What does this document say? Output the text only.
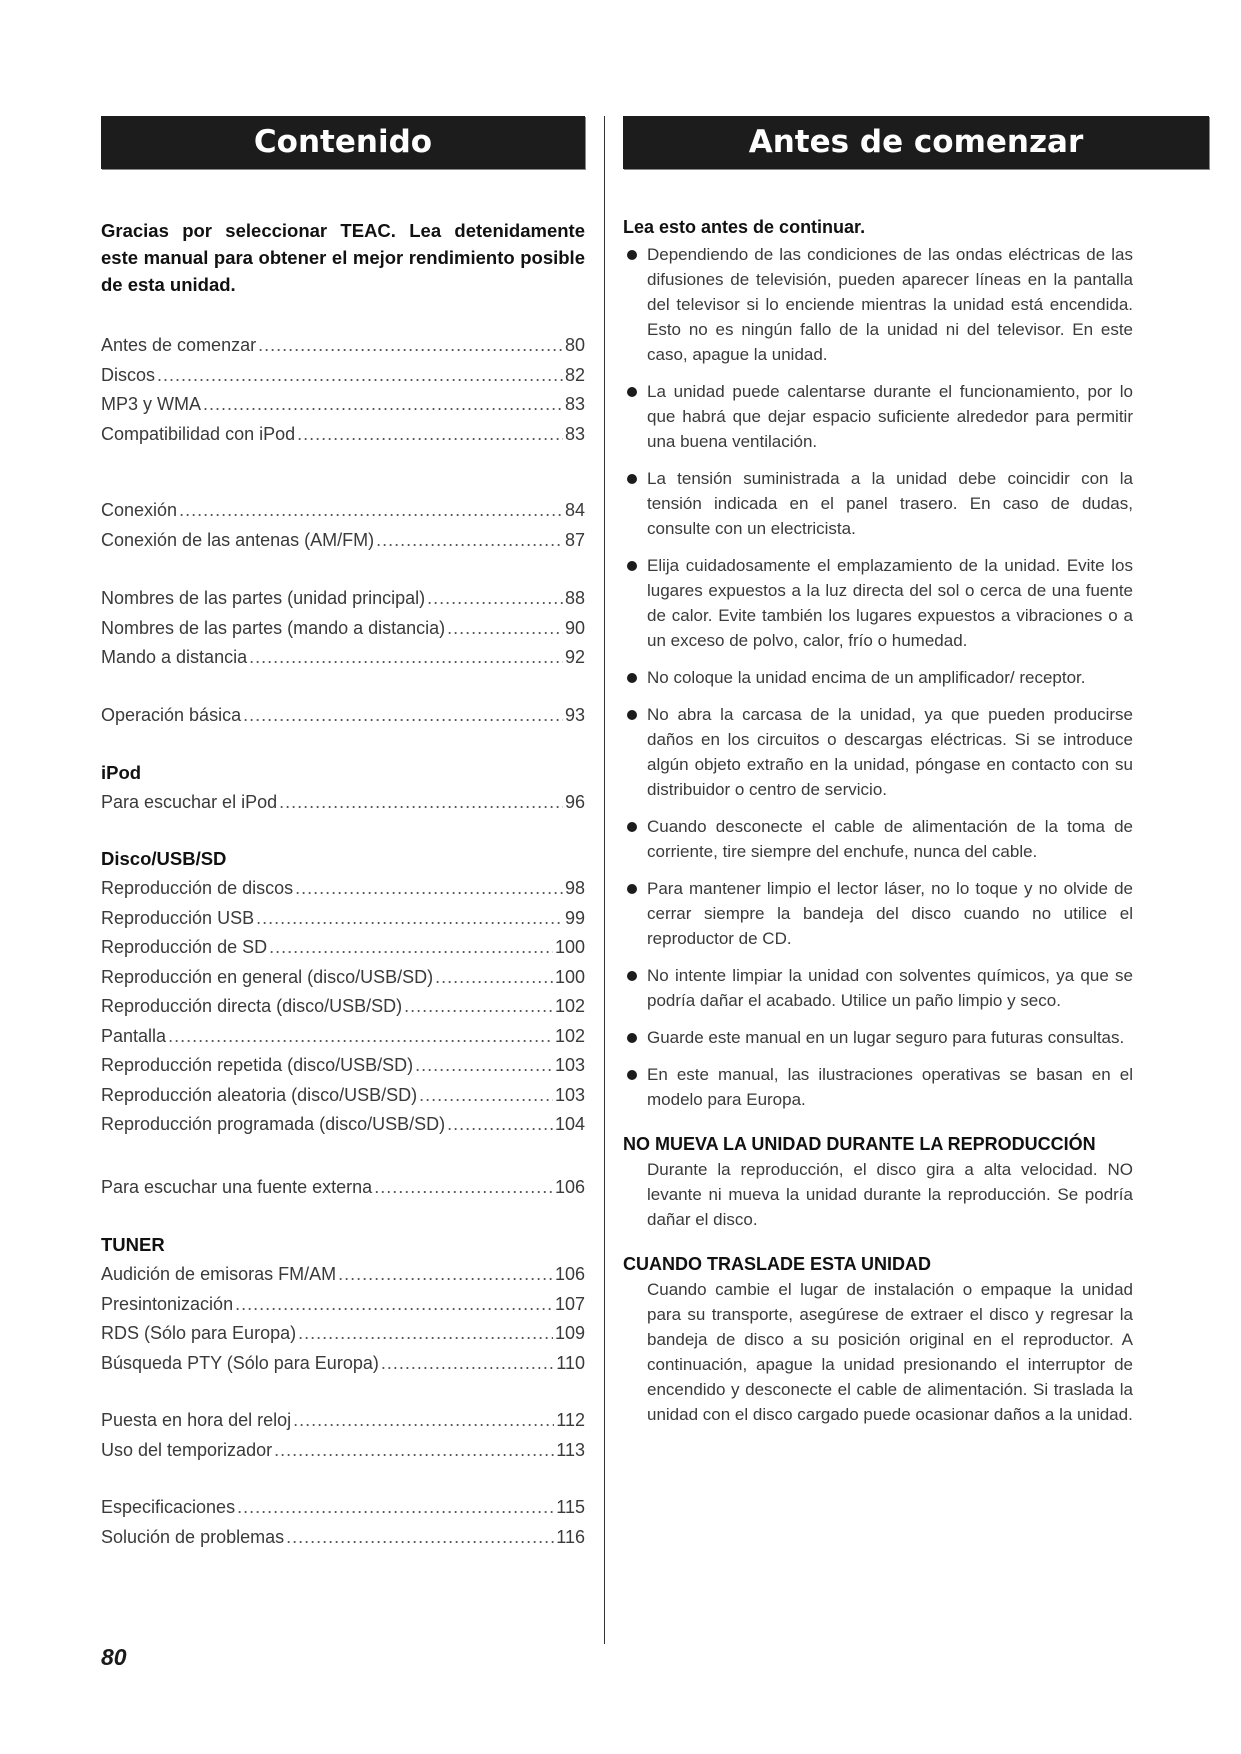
Contenido
Gracias por seleccionar TEAC. Lea detenidamente este manual para obtener el mejor rendimiento posible de esta unidad.
Antes de comenzar .....	80
Discos .....	82
MP3 y WMA .....	83
Compatibilidad con iPod .....	83
Conexión .....	84
Conexión de las antenas (AM/FM) .....	87
Nombres de las partes (unidad principal) .....	88
Nombres de las partes (mando a distancia) .....	90
Mando a distancia .....	92
Operación básica .....	93
iPod
Para escuchar el iPod .....	96
Disco/USB/SD
Reproducción de discos .....	98
Reproducción USB .....	99
Reproducción de SD .....	100
Reproducción en general (disco/USB/SD) .....	100
Reproducción directa (disco/USB/SD) .....	102
Pantalla .....	102
Reproducción repetida (disco/USB/SD) .....	103
Reproducción aleatoria (disco/USB/SD) .....	103
Reproducción programada (disco/USB/SD) .....	104
Para escuchar una fuente externa .....	106
TUNER
Audición de emisoras FM/AM .....	106
Presintonización .....	107
RDS (Sólo para Europa) .....	109
Búsqueda PTY (Sólo para Europa) .....	110
Puesta en hora del reloj .....	112
Uso del temporizador .....	113
Especificaciones .....	115
Solución de problemas .....	116
Antes de comenzar
Lea esto antes de continuar.
Dependiendo de las condiciones de las ondas eléctricas de las difusiones de televisión, pueden aparecer líneas en la pantalla del televisor si lo enciende mientras la unidad está encendida. Esto no es ningún fallo de la unidad ni del televisor. En este caso, apague la unidad.
La unidad puede calentarse durante el funcionamiento, por lo que habrá que dejar espacio suficiente alrededor para permitir una buena ventilación.
La tensión suministrada a la unidad debe coincidir con la tensión indicada en el panel trasero. En caso de dudas, consulte con un electricista.
Elija cuidadosamente el emplazamiento de la unidad. Evite los lugares expuestos a la luz directa del sol o cerca de una fuente de calor. Evite también los lugares expuestos a vibraciones o a un exceso de polvo, calor, frío o humedad.
No coloque la unidad encima de un amplificador/ receptor.
No abra la carcasa de la unidad, ya que pueden producirse daños en los circuitos o descargas eléctricas. Si se introduce algún objeto extraño en la unidad, póngase en contacto con su distribuidor o centro de servicio.
Cuando desconecte el cable de alimentación de la toma de corriente, tire siempre del enchufe, nunca del cable.
Para mantener limpio el lector láser, no lo toque y no olvide de cerrar siempre la bandeja del disco cuando no utilice el reproductor de CD.
No intente limpiar la unidad con solventes químicos, ya que se podría dañar el acabado. Utilice un paño limpio y seco.
Guarde este manual en un lugar seguro para futuras consultas.
En este manual, las ilustraciones operativas se basan en el modelo para Europa.
NO MUEVA LA UNIDAD DURANTE LA REPRODUCCIÓN
Durante la reproducción, el disco gira a alta velocidad. NO levante ni mueva la unidad durante la reproducción. Se podría dañar el disco.
CUANDO TRASLADE ESTA UNIDAD
Cuando cambie el lugar de instalación o empaque la unidad para su transporte, asegúrese de extraer el disco y regresar la bandeja de disco a su posición original en el reproductor. A continuación, apague la unidad presionando el interruptor de encendido y desconecte el cable de alimentación. Si traslada la unidad con el disco cargado puede ocasionar daños a la unidad.
80
